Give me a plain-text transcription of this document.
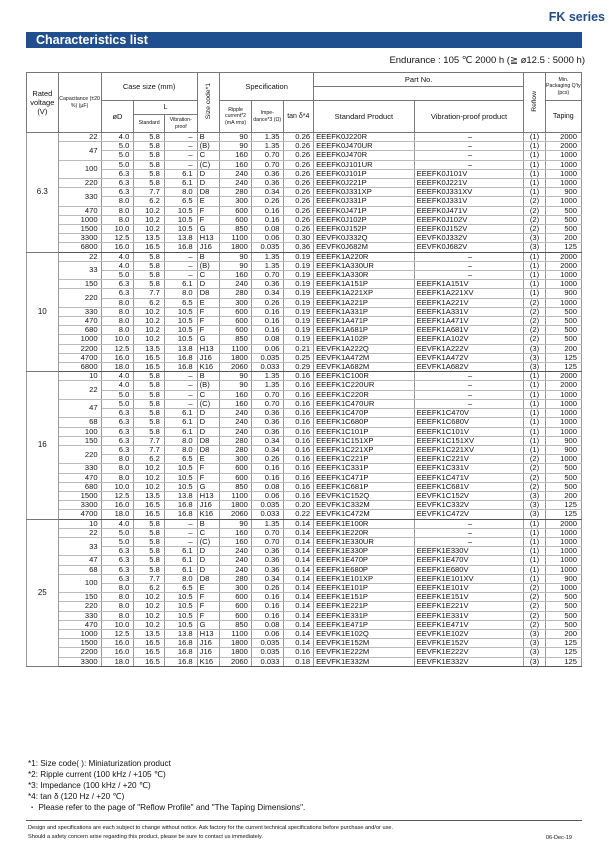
FK series
Characteristics list
Endurance : 105 ℃ 2000 h (≧ ø12.5 : 5000 h)
Rated voltage (V)	Capacitance (±20 %) (µF)	Case size (mm)			Size code*1	Specification			Part No.		Reflow	Min. Packaging Q'ty (pcs)

		øD	L			Ripple current*2 (mA rms)	Impe- dance*3 (Ω)	tan δ*4	Standard Product	Vibration-proof product		Taping
			Standard	Vibration-proof								
6.3	22	4.0	5.8	–	B	90	1.35	0.26	EEEFK0J220R	–	(1)	2000
	47	5.0	5.8	–	(B)	90	1.35	0.26	EEEFK0J470UR	–	(1)	2000
		5.0	5.8	–	C	160	0.70	0.26	EEEFK0J470R	–	(1)	1000
	100	5.0	5.8	–	(C)	160	0.70	0.26	EEEFK0J101UR	–	(1)	1000
		6.3	5.8	6.1	D	240	0.36	0.26	EEEFK0J101P	EEEFK0J101V	(1)	1000
	220	6.3	5.8	6.1	D	240	0.36	0.26	EEEFK0J221P	EEEFK0J221V	(1)	1000
	330	6.3	7.7	8.0	D8	280	0.34	0.26	EEEFK0J331XP	EEEFK0J331XV	(1)	900
		8.0	6.2	6.5	E	300	0.26	0.26	EEEFK0J331P	EEEFK0J331V	(2)	1000
	470	8.0	10.2	10.5	F	600	0.16	0.26	EEEFK0J471P	EEEFK0J471V	(2)	500
	1000	8.0	10.2	10.5	F	600	0.16	0.26	EEEFK0J102P	EEEFK0J102V	(2)	500
	1500	10.0	10.2	10.5	G	850	0.08	0.26	EEEFK0J152P	EEEFK0J152V	(2)	500
	3300	12.5	13.5	13.8	H13	1100	0.06	0.30	EEVFK0J332Q	EEVFK0J332V	(3)	200
	6800	16.0	16.5	16.8	J16	1800	0.035	0.36	EEVFK0J682M	EEVFK0J682V	(3)	125
10	22	4.0	5.8	–	B	90	1.35	0.19	EEEFK1A220R	–	(1)	2000
	33	4.0	5.8	–	(B)	90	1.35	0.19	EEEFK1A330UR	–	(1)	2000
		5.0	5.8	–	C	160	0.70	0.19	EEEFK1A330R	–	(1)	1000
	150	6.3	5.8	6.1	D	240	0.36	0.19	EEEFK1A151P	EEEFK1A151V	(1)	1000
	220	6.3	7.7	8.0	D8	280	0.34	0.19	EEEFK1A221XP	EEEFK1A221XV	(1)	900
		8.0	6.2	6.5	E	300	0.26	0.19	EEEFK1A221P	EEEFK1A221V	(2)	1000
	330	8.0	10.2	10.5	F	600	0.16	0.19	EEEFK1A331P	EEEFK1A331V	(2)	500
	470	8.0	10.2	10.5	F	600	0.16	0.19	EEEFK1A471P	EEEFK1A471V	(2)	500
	680	8.0	10.2	10.5	F	600	0.16	0.19	EEEFK1A681P	EEEFK1A681V	(2)	500
	1000	10.0	10.2	10.5	G	850	0.08	0.19	EEEFK1A102P	EEEFK1A102V	(2)	500
	2200	12.5	13.5	13.8	H13	1100	0.06	0.21	EEVFK1A222Q	EEVFK1A222V	(3)	200
	4700	16.0	16.5	16.8	J16	1800	0.035	0.25	EEVFK1A472M	EEVFK1A472V	(3)	125
	6800	18.0	16.5	16.8	K16	2060	0.033	0.29	EEVFK1A682M	EEVFK1A682V	(3)	125
16	10	4.0	5.8	–	B	90	1.35	0.16	EEEFK1C100R	–	(1)	2000
	22	4.0	5.8	–	(B)	90	1.35	0.16	EEEFK1C220UR	–	(1)	2000
		5.0	5.8	–	C	160	0.70	0.16	EEEFK1C220R	–	(1)	1000
	47	5.0	5.8	–	(C)	160	0.70	0.16	EEEFK1C470UR	–	(1)	1000
		6.3	5.8	6.1	D	240	0.36	0.16	EEEFK1C470P	EEEFK1C470V	(1)	1000
	68	6.3	5.8	6.1	D	240	0.36	0.16	EEEFK1C680P	EEEFK1C680V	(1)	1000
	100	6.3	5.8	6.1	D	240	0.36	0.16	EEEFK1C101P	EEEFK1C101V	(1)	1000
	150	6.3	7.7	8.0	D8	280	0.34	0.16	EEEFK1C151XP	EEEFK1C151XV	(1)	900
	220	6.3	7.7	8.0	D8	280	0.34	0.16	EEEFK1C221XP	EEEFK1C221XV	(1)	900
		8.0	6.2	6.5	E	300	0.26	0.16	EEEFK1C221P	EEEFK1C221V	(2)	1000
	330	8.0	10.2	10.5	F	600	0.16	0.16	EEEFK1C331P	EEEFK1C331V	(2)	500
	470	8.0	10.2	10.5	F	600	0.16	0.16	EEEFK1C471P	EEEFK1C471V	(2)	500
	680	10.0	10.2	10.5	G	850	0.08	0.16	EEEFK1C681P	EEEFK1C681V	(2)	500
	1500	12.5	13.5	13.8	H13	1100	0.06	0.16	EEVFK1C152Q	EEVFK1C152V	(3)	200
	3300	16.0	16.5	16.8	J16	1800	0.035	0.20	EEVFK1C332M	EEVFK1C332V	(3)	125
	4700	18.0	16.5	16.8	K16	2060	0.033	0.22	EEVFK1C472M	EEVFK1C472V	(3)	125
25	10	4.0	5.8	–	B	90	1.35	0.14	EEEFK1E100R	–	(1)	2000
	22	5.0	5.8	–	C	160	0.70	0.14	EEEFK1E220R	–	(1)	1000
	33	5.0	5.8	–	(C)	160	0.70	0.14	EEEFK1E330UR	–	(1)	1000
		6.3	5.8	6.1	D	240	0.36	0.14	EEEFK1E330P	EEEFK1E330V	(1)	1000
	47	6.3	5.8	6.1	D	240	0.36	0.14	EEEFK1E470P	EEEFK1E470V	(1)	1000
	68	6.3	5.8	6.1	D	240	0.36	0.14	EEEFK1E680P	EEEFK1E680V	(1)	1000
	100	6.3	7.7	8.0	D8	280	0.34	0.14	EEEFK1E101XP	EEEFK1E101XV	(1)	900
		8.0	6.2	6.5	E	300	0.26	0.14	EEEFK1E101P	EEEFK1E101V	(2)	1000
	150	8.0	10.2	10.5	F	600	0.16	0.14	EEEFK1E151P	EEEFK1E151V	(2)	500
	220	8.0	10.2	10.5	F	600	0.16	0.14	EEEFK1E221P	EEEFK1E221V	(2)	500
	330	8.0	10.2	10.5	F	600	0.16	0.14	EEEFK1E331P	EEEFK1E331V	(2)	500
	470	10.0	10.2	10.5	G	850	0.08	0.14	EEEFK1E471P	EEEFK1E471V	(2)	500
	1000	12.5	13.5	13.8	H13	1100	0.06	0.14	EEVFK1E102Q	EEVFK1E102V	(3)	200
	1500	16.0	16.5	16.8	J16	1800	0.035	0.14	EEVFK1E152M	EEVFK1E152V	(3)	125
	2200	16.0	16.5	16.8	J16	1800	0.035	0.16	EEVFK1E222M	EEVFK1E222V	(3)	125
	3300	18.0	16.5	16.8	K16	2060	0.033	0.18	EEVFK1E332M	EEVFK1E332V	(3)	125
*1: Size code( ): Miniaturization product
*2: Ripple current (100 kHz / +105 ℃)
*3: Impedance (100 kHz / +20 ℃)
*4: tan δ (120 Hz / +20 ℃)
・ Please refer to the page of "Reflow Profile" and "The Taping Dimensions".
Design and specifications are each subject to change without notice. Ask factory for the current technical specifications before purchase and/or use.
Should a safety concern arise regarding this product, please be sure to contact us immediately.	06-Dec-19
